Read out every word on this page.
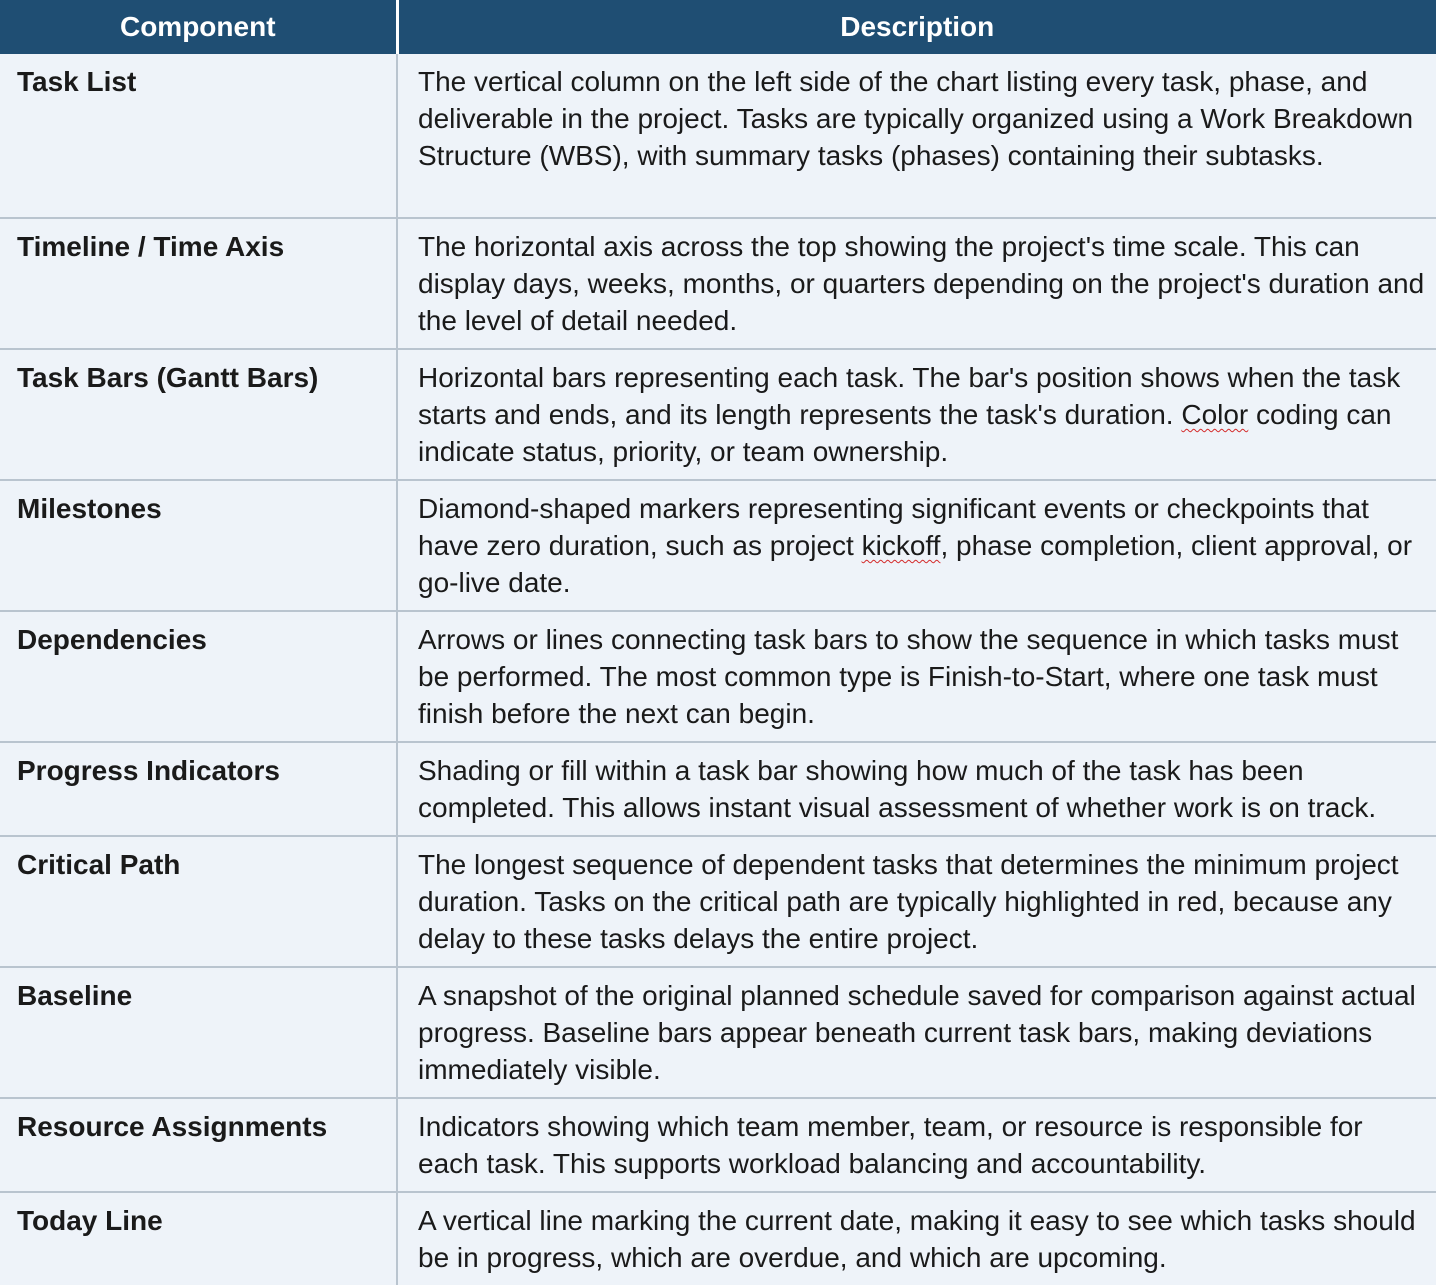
Component	Description
Task List	The vertical column on the left side of the chart listing every task, phase, and deliverable in the project. Tasks are typically organized using a Work Breakdown Structure (WBS), with summary tasks (phases) containing their subtasks.
Timeline / Time Axis	The horizontal axis across the top showing the project's time scale. This can display days, weeks, months, or quarters depending on the project's duration and the level of detail needed.
Task Bars (Gantt Bars)	Horizontal bars representing each task. The bar's position shows when the task starts and ends, and its length represents the task's duration. Color coding can indicate status, priority, or team ownership.
Milestones	Diamond-shaped markers representing significant events or checkpoints that have zero duration, such as project kickoff, phase completion, client approval, or go-live date.
Dependencies	Arrows or lines connecting task bars to show the sequence in which tasks must be performed. The most common type is Finish-to-Start, where one task must finish before the next can begin.
Progress Indicators	Shading or fill within a task bar showing how much of the task has been completed. This allows instant visual assessment of whether work is on track.
Critical Path	The longest sequence of dependent tasks that determines the minimum project duration. Tasks on the critical path are typically highlighted in red, because any delay to these tasks delays the entire project.
Baseline	A snapshot of the original planned schedule saved for comparison against actual progress. Baseline bars appear beneath current task bars, making deviations immediately visible.
Resource Assignments	Indicators showing which team member, team, or resource is responsible for each task. This supports workload balancing and accountability.
Today Line	A vertical line marking the current date, making it easy to see which tasks should be in progress, which are overdue, and which are upcoming.
